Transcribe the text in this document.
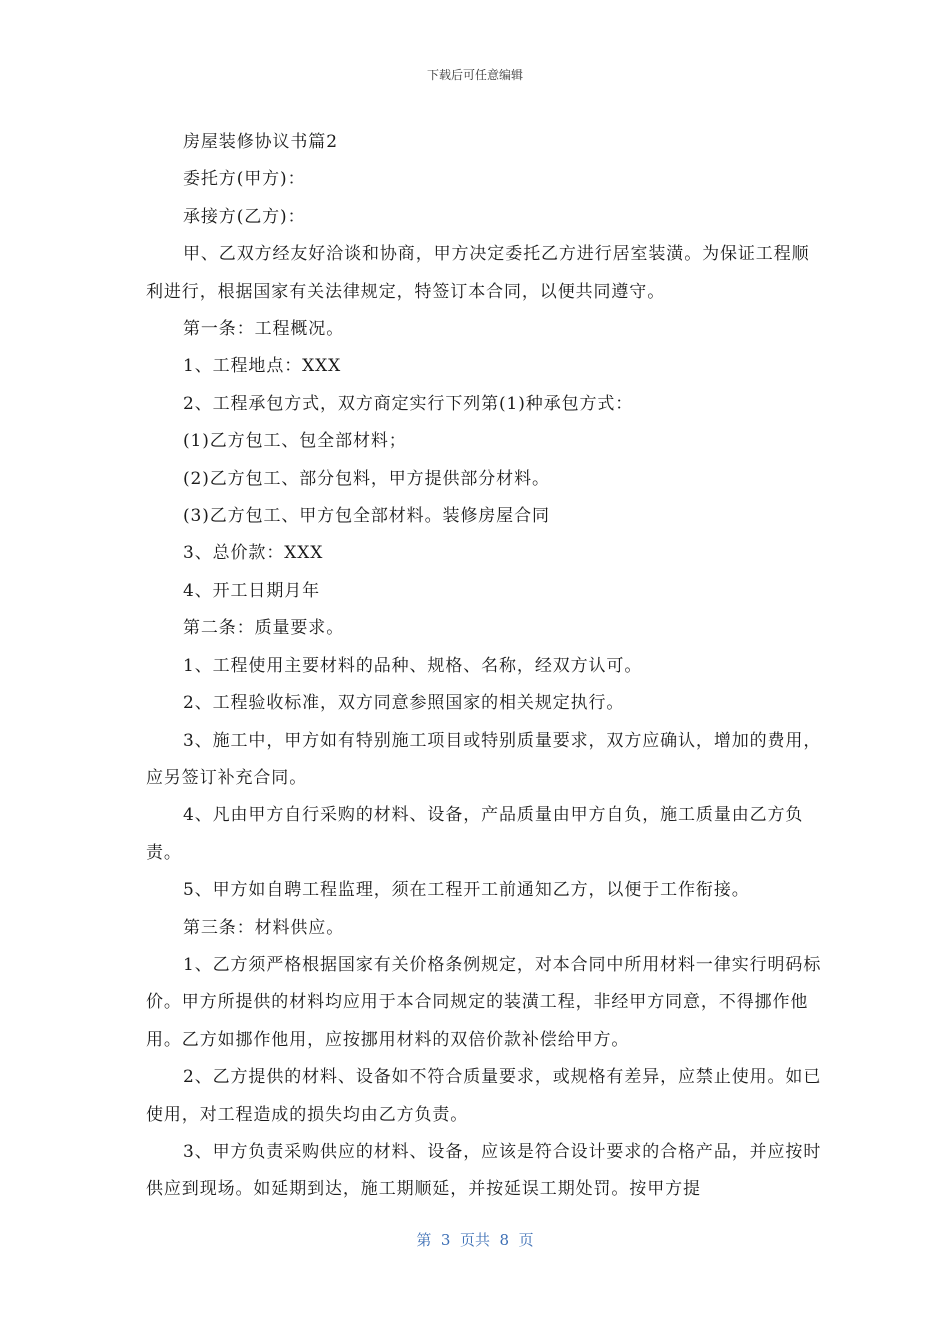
下载后可任意编辑

房屋装修协议书篇2

委托方(甲方)：

承接方(乙方)：

甲、乙双方经友好洽谈和协商，甲方决定委托乙方进行居室装潢。为保证工程顺利进行，根据国家有关法律规定，特签订本合同，以便共同遵守。

第一条：工程概况。

1、工程地点：XXX

2、工程承包方式，双方商定实行下列第(1)种承包方式：

(1)乙方包工、包全部材料；

(2)乙方包工、部分包料，甲方提供部分材料。

(3)乙方包工、甲方包全部材料。装修房屋合同

3、总价款：XXX

4、开工日期月年

第二条：质量要求。

1、工程使用主要材料的品种、规格、名称，经双方认可。

2、工程验收标准，双方同意参照国家的相关规定执行。

3、施工中，甲方如有特别施工项目或特别质量要求，双方应确认，增加的费用，应另签订补充合同。

4、凡由甲方自行采购的材料、设备，产品质量由甲方自负，施工质量由乙方负责。

5、甲方如自聘工程监理，须在工程开工前通知乙方，以便于工作衔接。

第三条：材料供应。

1、乙方须严格根据国家有关价格条例规定，对本合同中所用材料一律实行明码标价。甲方所提供的材料均应用于本合同规定的装潢工程，非经甲方同意，不得挪作他用。乙方如挪作他用，应按挪用材料的双倍价款补偿给甲方。

2、乙方提供的材料、设备如不符合质量要求，或规格有差异，应禁止使用。如已使用，对工程造成的损失均由乙方负责。

3、甲方负责采购供应的材料、设备，应该是符合设计要求的合格产品，并应按时供应到现场。如延期到达，施工期顺延，并按延误工期处罚。按甲方提

第  3  页共  8  页
